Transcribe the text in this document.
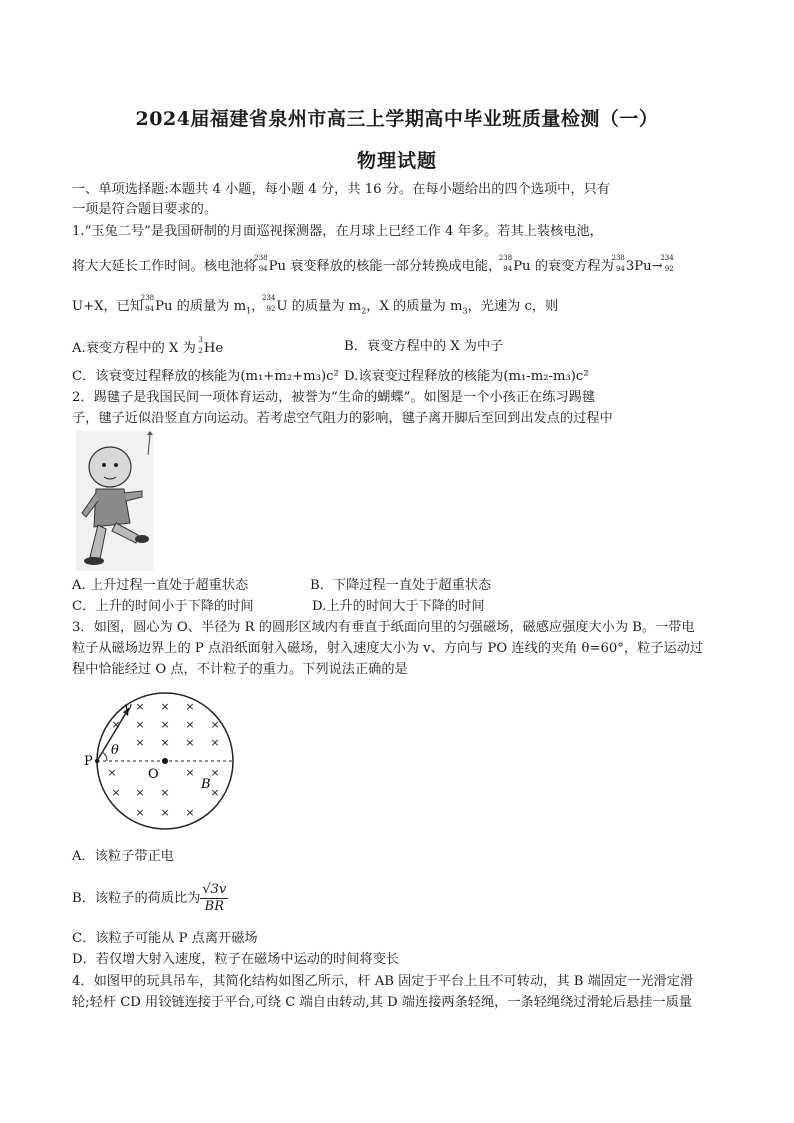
2024届福建省泉州市高三上学期高中毕业班质量检测（一）
物理试题
一、单项选择题:本题共 4 小题，每小题 4 分，共 16 分。在每小题给出的四个选项中，只有
一项是符合题目要求的。
1.“玉兔二号”是我国研制的月面巡视探测器，在月球上已经工作 4 年多。若其上装核电池，
将大大延长工作时间。核电池将
238
94 Pu 衰变释放的核能一部分转换成电能，
238
94 Pu 的衰变方程为
238
94 3Pu→
234
92
U+X，已知
238
94 Pu 的质量为 $m_1$，
234
92 U 的质量为 $m_2$，X 的质量为 $m_3$，光速为 c，则
A.衰变方程中的 X 为
3
2 He	B．衰变方程中的 X 为中子
C．该衰变过程释放的核能为(m₁+m₂+m₃)c² D.该衰变过程释放的核能为(m₁-m₂-m₃)c²
2．踢毽子是我国民间一项体育运动，被誉为“生命的蝴蝶”。如图是一个小孩正在练习踢毽
子，毽子近似沿竖直方向运动。若考虑空气阻力的影响，毽子离开脚后至回到出发点的过程中
A. 上升过程一直处于超重状态	B．下降过程一直处于超重状态
C．上升的时间小于下降的时间	D.上升的时间大于下降的时间
3．如图，圆心为 O、半径为 R 的圆形区域内有垂直于纸面向里的匀强磁场，磁感应强度大小为 B。一带电
粒子从磁场边界上的 P 点沿纸面射入磁场，射入速度大小为 v、方向与 PO 连线的夹角 θ=60°，粒子运动过
程中恰能经过 O 点，不计粒子的重力。下列说法正确的是
× × ×
× × × × ×
× × × ×
×	× ×
× × ×	×
× × ×
P
O
B
v
θ
A．该粒子带正电
B．该粒子的荷质比为 $\frac{√3v}{BR}$
C．该粒子可能从 P 点离开磁场
D．若仅增大射入速度，粒子在磁场中运动的时间将变长
4．如图甲的玩具吊车，其简化结构如图乙所示，杆 AB 固定于平台上且不可转动，其 B 端固定一光滑定滑
轮;轻杆 CD 用铰链连接于平台,可绕 C 端自由转动,其 D 端连接两条轻绳，一条轻绳绕过滑轮后悬挂一质量
